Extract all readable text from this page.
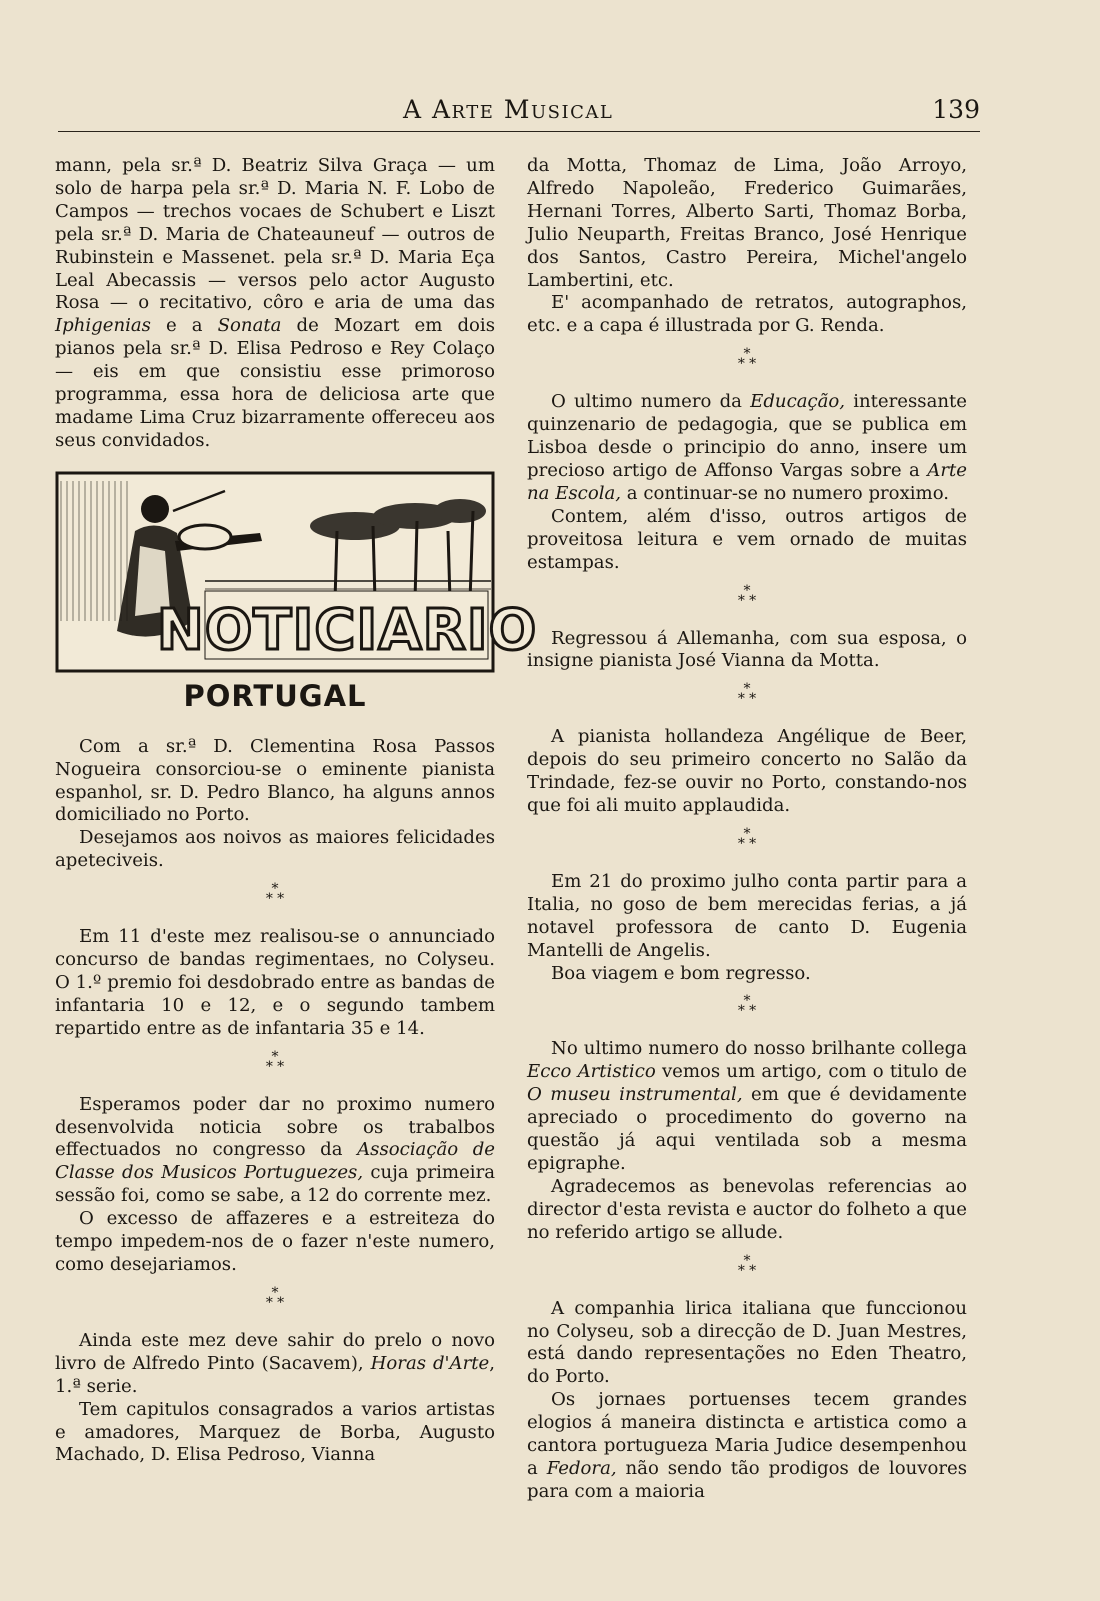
A Arte Musical	139

mann, pela sr.ª D. Beatriz Silva Graça — um solo de harpa pela sr.ª D. Maria N. F. Lobo de Campos — trechos vocaes de Schubert e Liszt pela sr.ª D. Maria de Chateauneuf — outros de Rubinstein e Massenet. pela sr.ª D. Maria Eça Leal Abecassis — versos pelo actor Augusto Rosa — o recitativo, côro e aria de uma das Iphigenias e a Sonata de Mozart em dois pianos pela sr.ª D. Elisa Pedroso e Rey Colaço — eis em que consistiu esse primoroso programma, essa hora de deliciosa arte que madame Lima Cruz bizarramente offereceu aos seus convidados.

NOTICIARIO
PORTUGAL

Com a sr.ª D. Clementina Rosa Passos Nogueira consorciou-se o eminente pianista espanhol, sr. D. Pedro Blanco, ha alguns annos domiciliado no Porto.

Desejamos aos noivos as maiores felicidades apeteciveis.

*
* *

Em 11 d'este mez realisou-se o annunciado concurso de bandas regimentaes, no Colyseu. O 1.º premio foi desdobrado entre as bandas de infantaria 10 e 12, e o segundo tambem repartido entre as de infantaria 35 e 14.

*
* *

Esperamos poder dar no proximo numero desenvolvida noticia sobre os trabalbos effectuados no congresso da Associação de Classe dos Musicos Portuguezes, cuja primeira sessão foi, como se sabe, a 12 do corrente mez.

O excesso de affazeres e a estreiteza do tempo impedem-nos de o fazer n'este numero, como desejariamos.

*
* *

Ainda este mez deve sahir do prelo o novo livro de Alfredo Pinto (Sacavem), Horas d'Arte, 1.ª serie.

Tem capitulos consagrados a varios artistas e amadores, Marquez de Borba, Augusto Machado, D. Elisa Pedroso, Vianna

da Motta, Thomaz de Lima, João Arroyo, Alfredo Napoleão, Frederico Guimarães, Hernani Torres, Alberto Sarti, Thomaz Borba, Julio Neuparth, Freitas Branco, José Henrique dos Santos, Castro Pereira, Michel'angelo Lambertini, etc.

E' acompanhado de retratos, autographos, etc. e a capa é illustrada por G. Renda.

*
* *

O ultimo numero da Educação, interessante quinzenario de pedagogia, que se publica em Lisboa desde o principio do anno, insere um precioso artigo de Affonso Vargas sobre a Arte na Escola, a continuar-se no numero proximo.

Contem, além d'isso, outros artigos de proveitosa leitura e vem ornado de muitas estampas.

*
* *

Regressou á Allemanha, com sua esposa, o insigne pianista José Vianna da Motta.

*
* *

A pianista hollandeza Angélique de Beer, depois do seu primeiro concerto no Salão da Trindade, fez-se ouvir no Porto, constando-nos que foi ali muito applaudida.

*
* *

Em 21 do proximo julho conta partir para a Italia, no goso de bem merecidas ferias, a já notavel professora de canto D. Eugenia Mantelli de Angelis.

Boa viagem e bom regresso.

*
* *

No ultimo numero do nosso brilhante collega Ecco Artistico vemos um artigo, com o titulo de O museu instrumental, em que é devidamente apreciado o procedimento do governo na questão já aqui ventilada sob a mesma epigraphe.

Agradecemos as benevolas referencias ao director d'esta revista e auctor do folheto a que no referido artigo se allude.

*
* *

A companhia lirica italiana que funccionou no Colyseu, sob a direcção de D. Juan Mestres, está dando representações no Eden Theatro, do Porto.

Os jornaes portuenses tecem grandes elogios á maneira distincta e artistica como a cantora portugueza Maria Judice desempenhou a Fedora, não sendo tão prodigos de louvores para com a maioria
